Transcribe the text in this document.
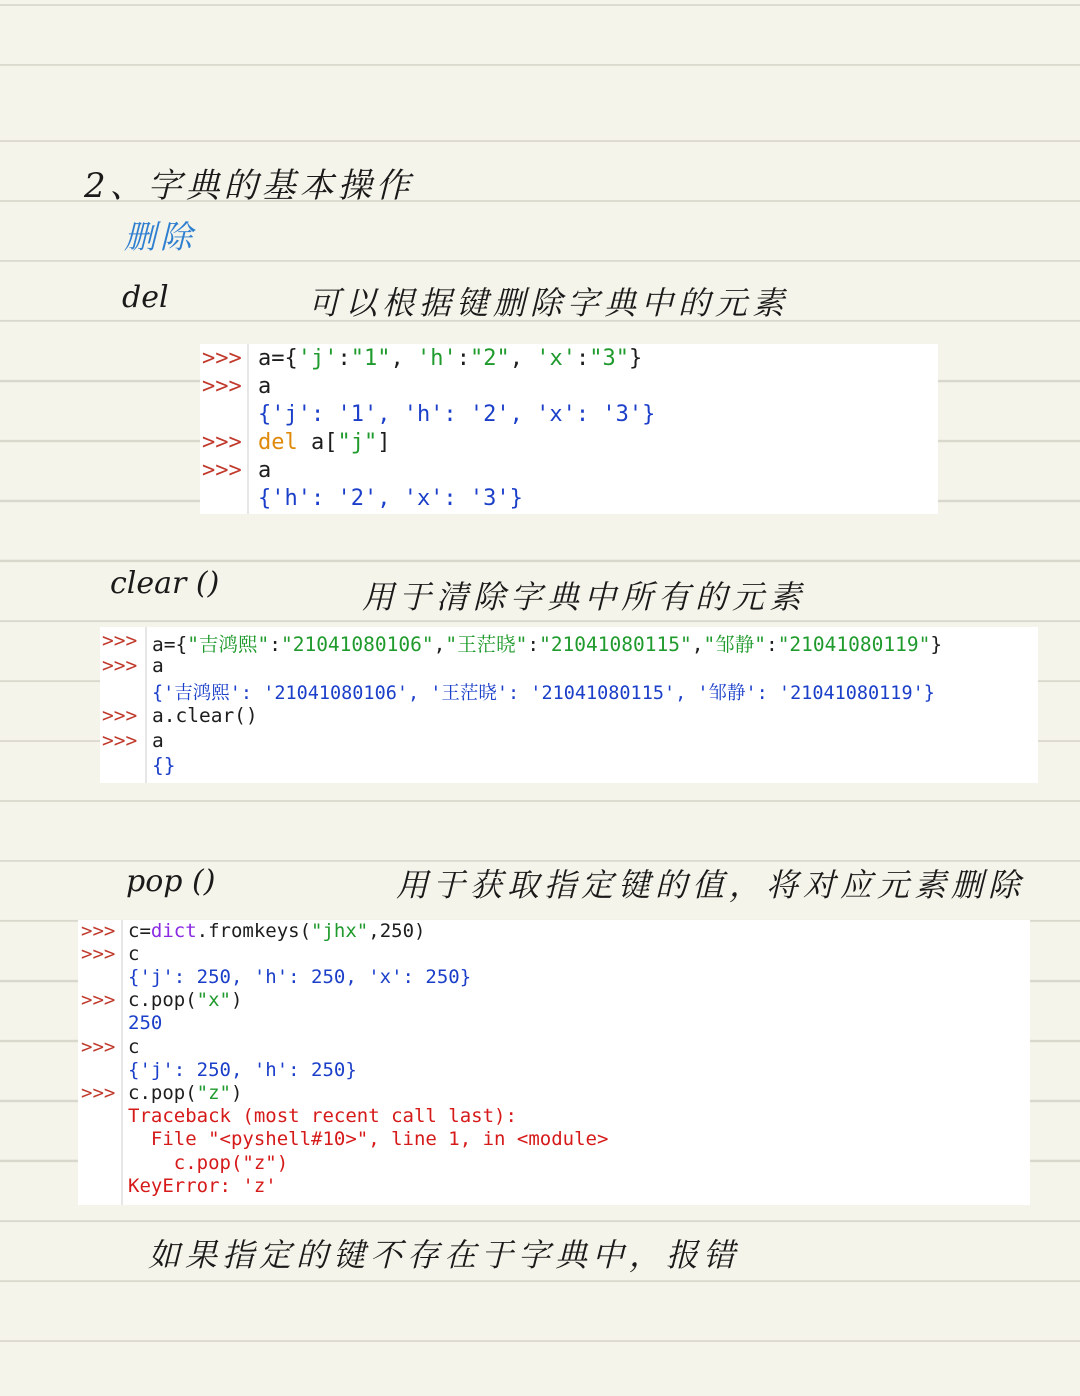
2、字典的基本操作
删除
del	可以根据键删除字典中的元素

>>>

a={'j':"1", 'h':"2", 'x':"3"}

>>>

a

{'j': '1', 'h': '2', 'x': '3'}

>>>

del a["j"]

>>>

a

{'h': '2', 'x': '3'}

clear ()	用于清除字典中所有的元素

>>>

a={"吉鸿熙":"21041080106","王茫晓":"21041080115","邹静":"21041080119"}

>>>

a

{'吉鸿熙': '21041080106', '王茫晓': '21041080115', '邹静': '21041080119'}

>>>

a.clear()

>>>

a

{}

pop ()	用于获取指定键的值，将对应元素删除

>>>

c=dict.fromkeys("jhx",250)

>>>

c

{'j': 250, 'h': 250, 'x': 250}

>>>

c.pop("x")

250

>>>

c

{'j': 250, 'h': 250}

>>>

c.pop("z")

Traceback (most recent call last):

File "<pyshell#10>", line 1, in <module>

c.pop("z")

KeyError: 'z'

如果指定的键不存在于字典中，报错
